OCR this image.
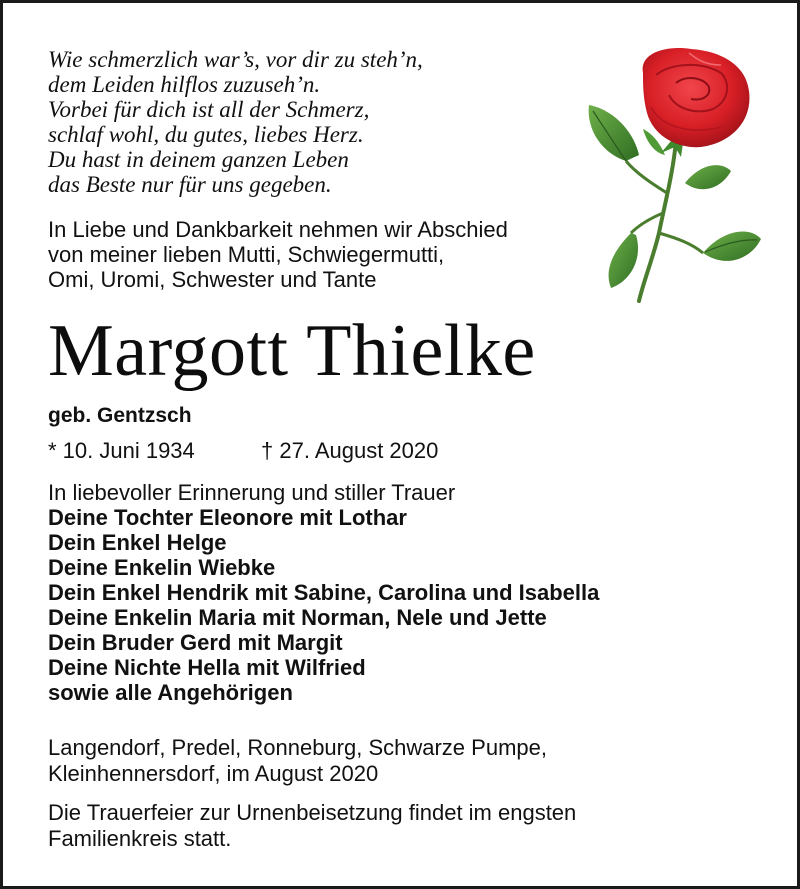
Wie schmerzlich war’s, vor dir zu steh’n,
dem Leiden hilflos zuzuseh’n.
Vorbei für dich ist all der Schmerz,
schlaf wohl, du gutes, liebes Herz.
Du hast in deinem ganzen Leben
das Beste nur für uns gegeben.
In Liebe und Dankbarkeit nehmen wir Abschied
von meiner lieben Mutti, Schwiegermutti,
Omi, Uromi, Schwester und Tante
Margott Thielke
geb. Gentzsch
* 10. Juni 1934	† 27. August 2020
In liebevoller Erinnerung und stiller Trauer
Deine Tochter Eleonore mit Lothar
Dein Enkel Helge
Deine Enkelin Wiebke
Dein Enkel Hendrik mit Sabine, Carolina und Isabella
Deine Enkelin Maria mit Norman, Nele und Jette
Dein Bruder Gerd mit Margit
Deine Nichte Hella mit Wilfried
sowie alle Angehörigen
Langendorf, Predel, Ronneburg, Schwarze Pumpe,
Kleinhennersdorf, im August 2020
Die Trauerfeier zur Urnenbeisetzung findet im engsten
Familienkreis statt.
